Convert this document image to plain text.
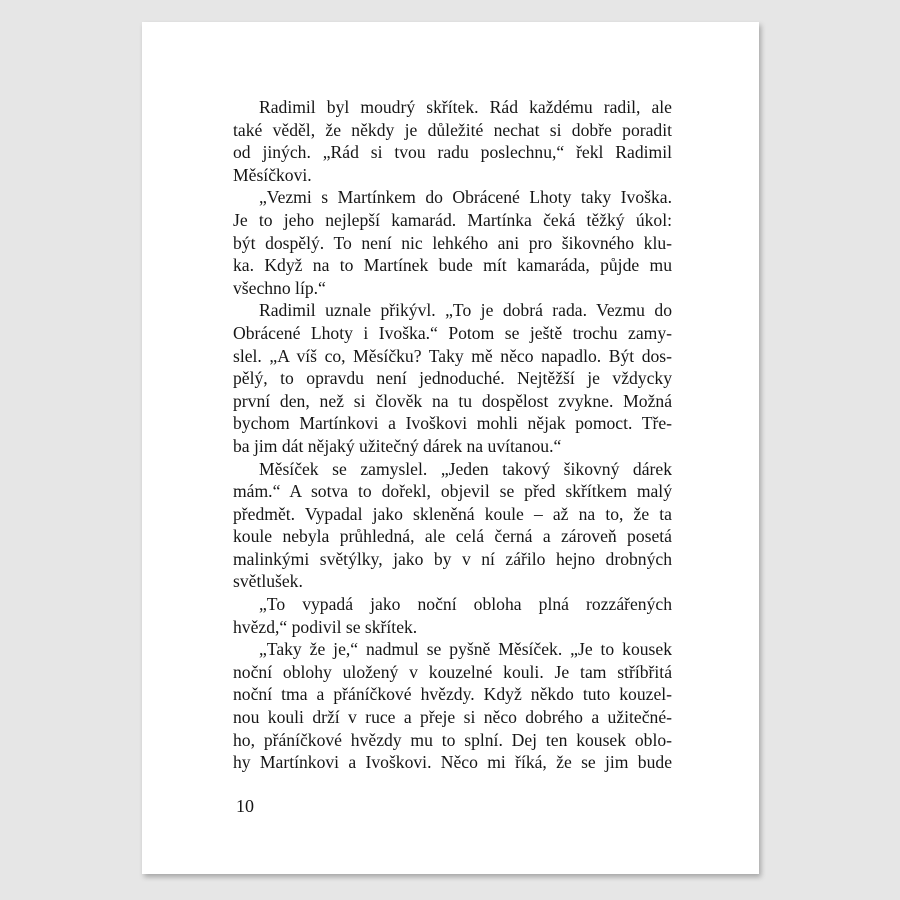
Radimil byl moudrý skřítek. Rád každému radil, ale
také věděl, že někdy je důležité nechat si dobře poradit
od jiných. „Rád si tvou radu poslechnu,“ řekl Radimil
Měsíčkovi.
„Vezmi s Martínkem do Obrácené Lhoty taky Ivoška.
Je to jeho nejlepší kamarád. Martínka čeká těžký úkol:
být dospělý. To není nic lehkého ani pro šikovného klu-
ka. Když na to Martínek bude mít kamaráda, půjde mu
všechno líp.“
Radimil uznale přikývl. „To je dobrá rada. Vezmu do
Obrácené Lhoty i Ivoška.“ Potom se ještě trochu zamy-
slel. „A víš co, Měsíčku? Taky mě něco napadlo. Být dos-
pělý, to opravdu není jednoduché. Nejtěžší je vždycky
první den, než si člověk na tu dospělost zvykne. Možná
bychom Martínkovi a Ivoškovi mohli nějak pomoct. Tře-
ba jim dát nějaký užitečný dárek na uvítanou.“
Měsíček se zamyslel. „Jeden takový šikovný dárek
mám.“ A sotva to dořekl, objevil se před skřítkem malý
předmět. Vypadal jako skleněná koule – až na to, že ta
koule nebyla průhledná, ale celá černá a zároveň posetá
malinkými světýlky, jako by v ní zářilo hejno drobných
světlušek.
„To vypadá jako noční obloha plná rozzářených
hvězd,“ podivil se skřítek.
„Taky že je,“ nadmul se pyšně Měsíček. „Je to kousek
noční oblohy uložený v kouzelné kouli. Je tam stříbřitá
noční tma a přáníčkové hvězdy. Když někdo tuto kouzel-
nou kouli drží v ruce a přeje si něco dobrého a užitečné-
ho, přáníčkové hvězdy mu to splní. Dej ten kousek oblo-
hy Martínkovi a Ivoškovi. Něco mi říká, že se jim bude
10
